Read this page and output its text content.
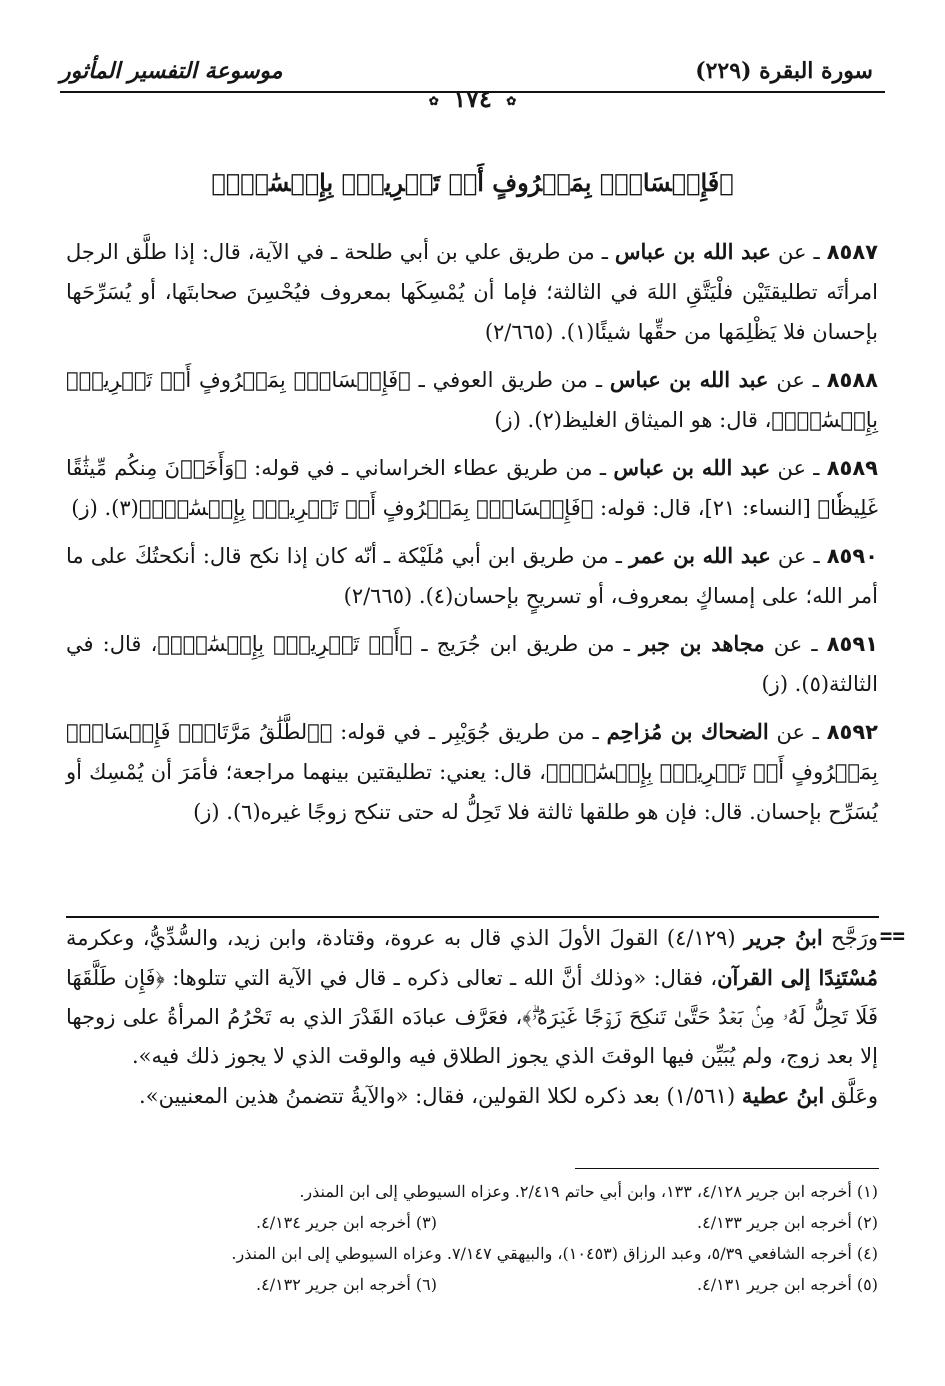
سورة البقرة (٢٢٩)
موسوعة التفسير المأثور
✿ ١٧٤ ✿
﴿فَإِمۡسَاكُۢ بِمَعۡرُوفٍ أَوۡ تَسۡرِيحُۢ بِإِحۡسَٰنٖۗ﴾

٨٥٨٧ ـ عن عبد الله بن عباس ـ من طريق علي بن أبي طلحة ـ في الآية، قال: إذا طلَّق الرجل امرأتَه تطليقتَيْن فلْيَتَّقِ اللهَ في الثالثة؛ فإما أن يُمْسِكَها بمعروف فيُحْسِنَ صحابتَها، أو يُسَرِّحَها بإحسان فلا يَظْلِمَها من حقِّها شيئًا(١). (٢/٦٦٥)

٨٥٨٨ ـ عن عبد الله بن عباس ـ من طريق العوفي ـ ﴿فَإِمۡسَاكُۢ بِمَعۡرُوفٍ أَوۡ تَسۡرِيحُۢ بِإِحۡسَٰنٖۗ﴾، قال: هو الميثاق الغليظ(٢). (ز)

٨٥٨٩ ـ عن عبد الله بن عباس ـ من طريق عطاء الخراساني ـ في قوله: ﴿وَأَخَذۡنَ مِنكُم مِّيثَٰقًا غَلِيظٗا﴾ [النساء: ٢١]، قال: قوله: ﴿فَإِمۡسَاكُۢ بِمَعۡرُوفٍ أَوۡ تَسۡرِيحُۢ بِإِحۡسَٰنٖۗ﴾(٣). (ز)

٨٥٩٠ ـ عن عبد الله بن عمر ـ من طريق ابن أبي مُلَيْكة ـ أنّه كان إذا نكح قال: أنكحتُكَ على ما أمر الله؛ على إمساكٍ بمعروف، أو تسريحٍ بإحسان(٤). (٢/٦٦٥)

٨٥٩١ ـ عن مجاهد بن جبر ـ من طريق ابن جُرَيج ـ ﴿أَوۡ تَسۡرِيحُۢ بِإِحۡسَٰنٖۗ﴾، قال: في الثالثة(٥). (ز)

٨٥٩٢ ـ عن الضحاك بن مُزاحِم ـ من طريق جُوَيْبِر ـ في قوله: ﴿ٱلطَّلَٰقُ مَرَّتَانِۖ فَإِمۡسَاكُۢ بِمَعۡرُوفٍ أَوۡ تَسۡرِيحُۢ بِإِحۡسَٰنٖۗ﴾، قال: يعني: تطليقتين بينهما مراجعة؛ فأمَرَ أن يُمْسِك أو يُسَرِّح بإحسان. قال: فإن هو طلقها ثالثة فلا تَحِلُّ له حتى تنكح زوجًا غيره(٦). (ز)

==

ورَجَّح ابنُ جرير (٤/١٢٩) القولَ الأولَ الذي قال به عروة، وقتادة، وابن زيد، والسُّدِّيُّ، وعكرمة مُسْتَنِدًا إلى القرآن، فقال: «وذلك أنَّ الله ـ تعالى ذكره ـ قال في الآية التي تتلوها: ﴿فَإِن طَلَّقَهَا فَلَا تَحِلُّ لَهُۥ مِنۢ بَعۡدُ حَتَّىٰ تَنكِحَ زَوۡجًا غَيۡرَهُۥۗ﴾، فعَرَّف عبادَه القَدْرَ الذي به تَحْرُمُ المرأةُ على زوجها إلا بعد زوج، ولم يُبَيِّن فيها الوقتَ الذي يجوز الطلاق فيه والوقت الذي لا يجوز ذلك فيه».

وعَلَّق ابنُ عطية (١/٥٦١) بعد ذكره لكلا القولين، فقال: «والآيةُ تتضمنُ هذين المعنيين».

(١) أخرجه ابن جرير ٤/١٢٨، ١٣٣، وابن أبي حاتم ٢/٤١٩. وعزاه السيوطي إلى ابن المنذر.
(٢) أخرجه ابن جرير ٤/١٣٣.
(٣) أخرجه ابن جرير ٤/١٣٤.
(٤) أخرجه الشافعي ٥/٣٩، وعبد الرزاق (١٠٤٥٣)، والبيهقي ٧/١٤٧. وعزاه السيوطي إلى ابن المنذر.
(٥) أخرجه ابن جرير ٤/١٣١.
(٦) أخرجه ابن جرير ٤/١٣٢.
